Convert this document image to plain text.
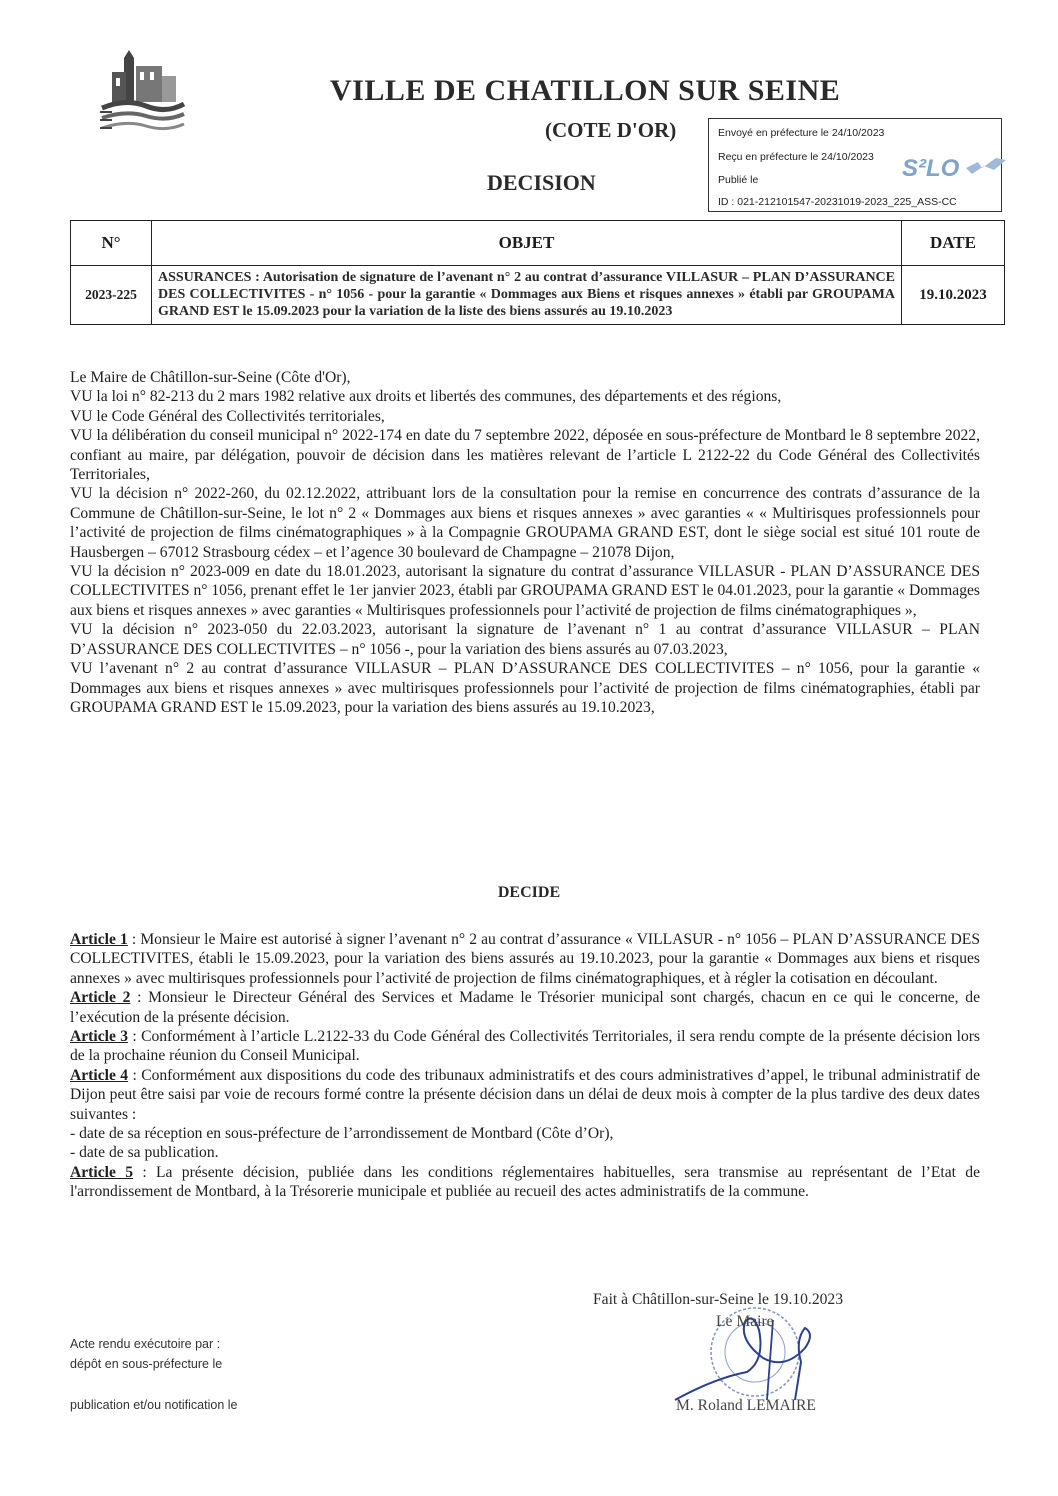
VILLE DE CHATILLON SUR SEINE
(COTE D'OR)
DECISION
Envoyé en préfecture le 24/10/2023
Reçu en préfecture le 24/10/2023
Publié le
ID : 021-212101547-20231019-2023_225_ASS-CC
S²LO
N°	OBJET	DATE
2023-225	ASSURANCES : Autorisation de signature de l’avenant n° 2 au contrat d’assurance VILLASUR – PLAN D’ASSURANCE DES COLLECTIVITES - n° 1056 - pour la garantie « Dommages aux Biens et risques annexes » établi par GROUPAMA GRAND EST le 15.09.2023 pour la variation de la liste des biens assurés au 19.10.2023	19.10.2023

Le Maire de Châtillon-sur-Seine (Côte d'Or),

VU la loi n° 82-213 du 2 mars 1982 relative aux droits et libertés des communes, des départements et des régions,

VU le Code Général des Collectivités territoriales,

VU la délibération du conseil municipal n° 2022-174 en date du 7 septembre 2022, déposée en sous-préfecture de Montbard le 8 septembre 2022, confiant au maire, par délégation, pouvoir de décision dans les matières relevant de l’article L 2122-22 du Code Général des Collectivités Territoriales,

VU la décision n° 2022-260, du 02.12.2022, attribuant lors de la consultation pour la remise en concurrence des contrats d’assurance de la Commune de Châtillon-sur-Seine, le lot n° 2 « Dommages aux biens et risques annexes » avec garanties « « Multirisques professionnels pour l’activité de projection de films cinématographiques » à la Compagnie GROUPAMA GRAND EST, dont le siège social est situé 101 route de Hausbergen – 67012 Strasbourg cédex – et l’agence 30 boulevard de Champagne – 21078 Dijon,

VU la décision n° 2023-009 en date du 18.01.2023, autorisant la signature du contrat d’assurance VILLASUR - PLAN D’ASSURANCE DES COLLECTIVITES n° 1056, prenant effet le 1er janvier 2023, établi par GROUPAMA GRAND EST le 04.01.2023, pour la garantie « Dommages aux biens et risques annexes » avec garanties « Multirisques professionnels pour l’activité de projection de films cinématographiques »,

VU la décision n° 2023-050 du 22.03.2023, autorisant la signature de l’avenant n° 1 au contrat d’assurance VILLASUR – PLAN D’ASSURANCE DES COLLECTIVITES – n° 1056 -, pour la variation des biens assurés au 07.03.2023,

VU l’avenant n° 2 au contrat d’assurance VILLASUR – PLAN D’ASSURANCE DES COLLECTIVITES – n° 1056, pour la garantie « Dommages aux biens et risques annexes » avec multirisques professionnels pour l’activité de projection de films cinématographies, établi par GROUPAMA GRAND EST le 15.09.2023, pour la variation des biens assurés au 19.10.2023,

DECIDE

Article 1 : Monsieur le Maire est autorisé à signer l’avenant n° 2 au contrat d’assurance « VILLASUR - n° 1056 – PLAN D’ASSURANCE DES COLLECTIVITES, établi le 15.09.2023, pour la variation des biens assurés au 19.10.2023, pour la garantie « Dommages aux biens et risques annexes » avec multirisques professionnels pour l’activité de projection de films cinématographiques, et à régler la cotisation en découlant.

Article 2 : Monsieur le Directeur Général des Services et Madame le Trésorier municipal sont chargés, chacun en ce qui le concerne, de l’exécution de la présente décision.

Article 3 : Conformément à l’article L.2122-33 du Code Général des Collectivités Territoriales, il sera rendu compte de la présente décision lors de la prochaine réunion du Conseil Municipal.

Article 4 : Conformément aux dispositions du code des tribunaux administratifs et des cours administratives d’appel, le tribunal administratif de Dijon peut être saisi par voie de recours formé contre la présente décision dans un délai de deux mois à compter de la plus tardive des deux dates suivantes :

- date de sa réception en sous-préfecture de l’arrondissement de Montbard (Côte d’Or),

- date de sa publication.

Article 5 : La présente décision, publiée dans les conditions réglementaires habituelles, sera transmise au représentant de l’Etat de l'arrondissement de Montbard, à la Trésorerie municipale et publiée au recueil des actes administratifs de la commune.

Fait à Châtillon-sur-Seine le 19.10.2023
Le Maire
M. Roland LEMAIRE
Acte rendu exécutoire par :
dépôt en sous-préfecture le
publication et/ou notification le
